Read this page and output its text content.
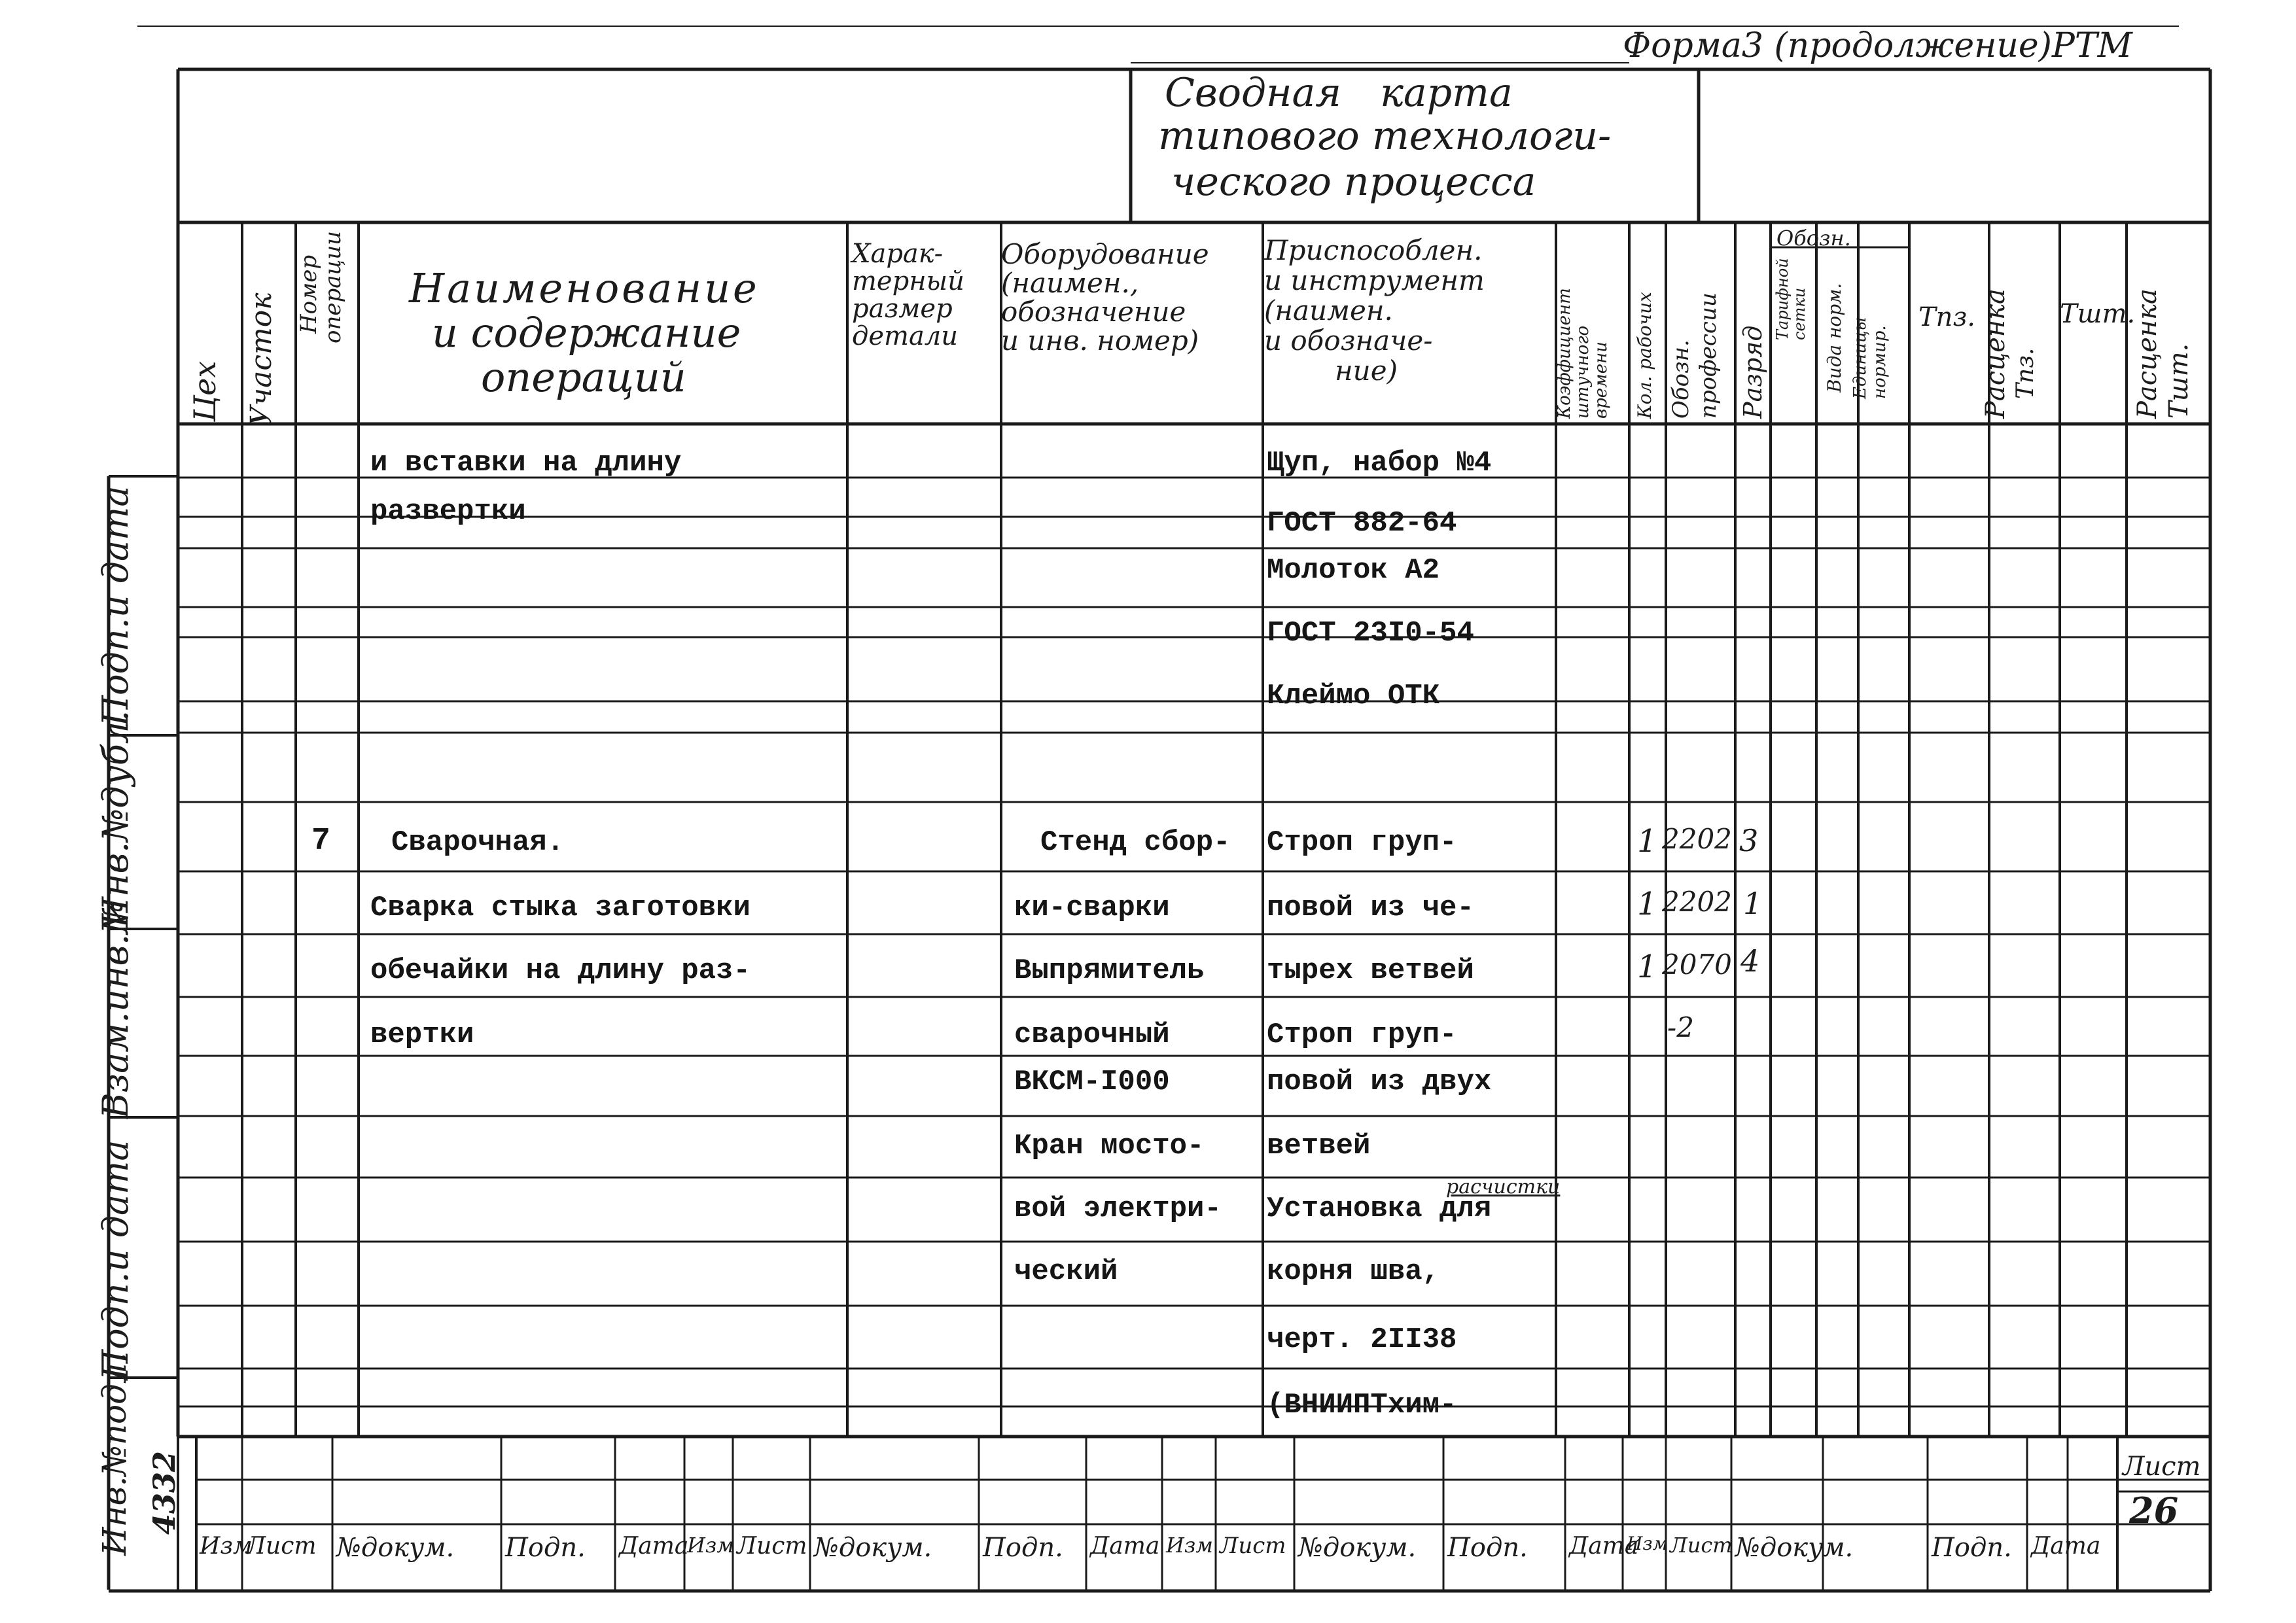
Форма3 (продолжение)РТМ
Сводная карта
типового технологи-
ческого процесса
Цех Участок Номер
операции Наименование
и содержание
операций
Харак-
терный
размер
детали
Оборудование
(наимен.,
обозначение
и инв. номер)
Приспособлен.
и инструмент
(наимен.
и обозначе-
ние)	Коэффициент
штучного
времени Кол. рабочих Обозн. профессии Разряд
Обозн.
Тарифной
сетки Вида норм. Единицы нормир.
Тпз. Расценка Тпз.
Тшт.
Расценка Тшт.
и вставки на длину
развертки
7 Сварочная.
Сварка стыка заготовки
обечайки на длину раз-
вертки
Стенд сбор-
ки-сварки
Выпрямитель
сварочный
ВКСМ-I000
Кран мосто-
вой электри-
ческий
Щуп, набор №4
ГОСТ 882-64
Молоток А2
ГОСТ 23I0-54
Клеймо ОТК
Строп груп-
повой из че-
тырех ветвей
Строп груп-
повой из двух
ветвей
расчистки
Установка для
корня шва,
черт. 2II38
(ВНИИПТхим-
1
1
1
2202
2202
2070
-2
3
1
4
Подп.и дата
Инв.№дубл.
Взам.инв.№
Подп.и дата
Инв.№подл. 4332
Изм
Лист №докум. Подп. Дата
Изм Лист №докум. Подп. Дата Изм Лист №докум. Подп. Дата
Изм Лист №докум.	Подп. Дата
Лист
26
